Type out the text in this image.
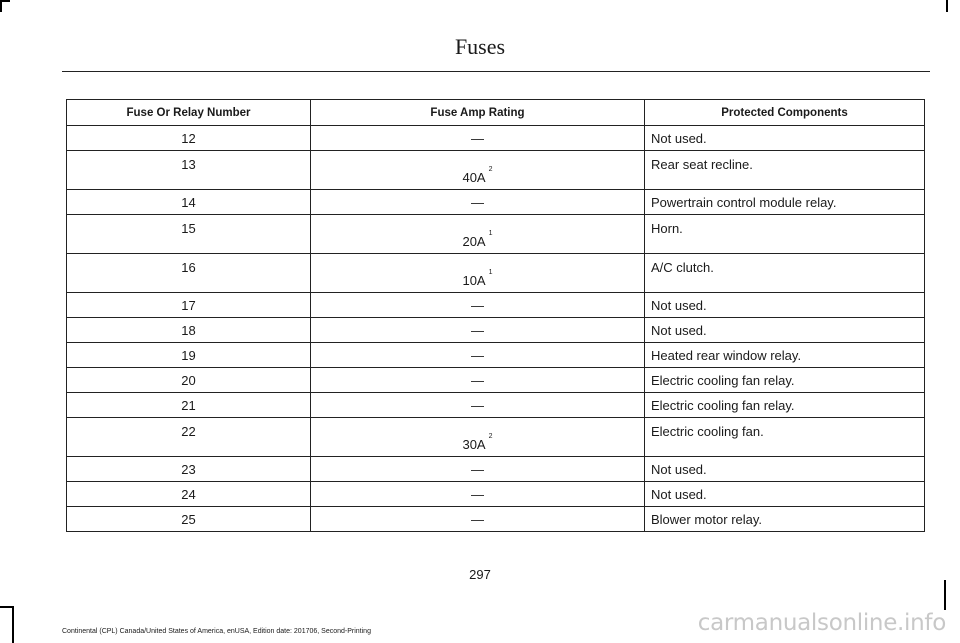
Fuses
Fuse Or Relay Number	Fuse Amp Rating	Protected Components
12	—	Not used.
13	40A$^2$	Rear seat recline.
14	—	Powertrain control module relay.
15	20A$^1$	Horn.
16	10A$^1$	A/C clutch.
17	—	Not used.
18	—	Not used.
19	—	Heated rear window relay.
20	—	Electric cooling fan relay.
21	—	Electric cooling fan relay.
22	30A$^2$	Electric cooling fan.
23	—	Not used.
24	—	Not used.
25	—	Blower motor relay.
297
Continental (CPL) Canada/United States of America, enUSA, Edition date: 201706, Second-Printing	carmanualsonline.info
